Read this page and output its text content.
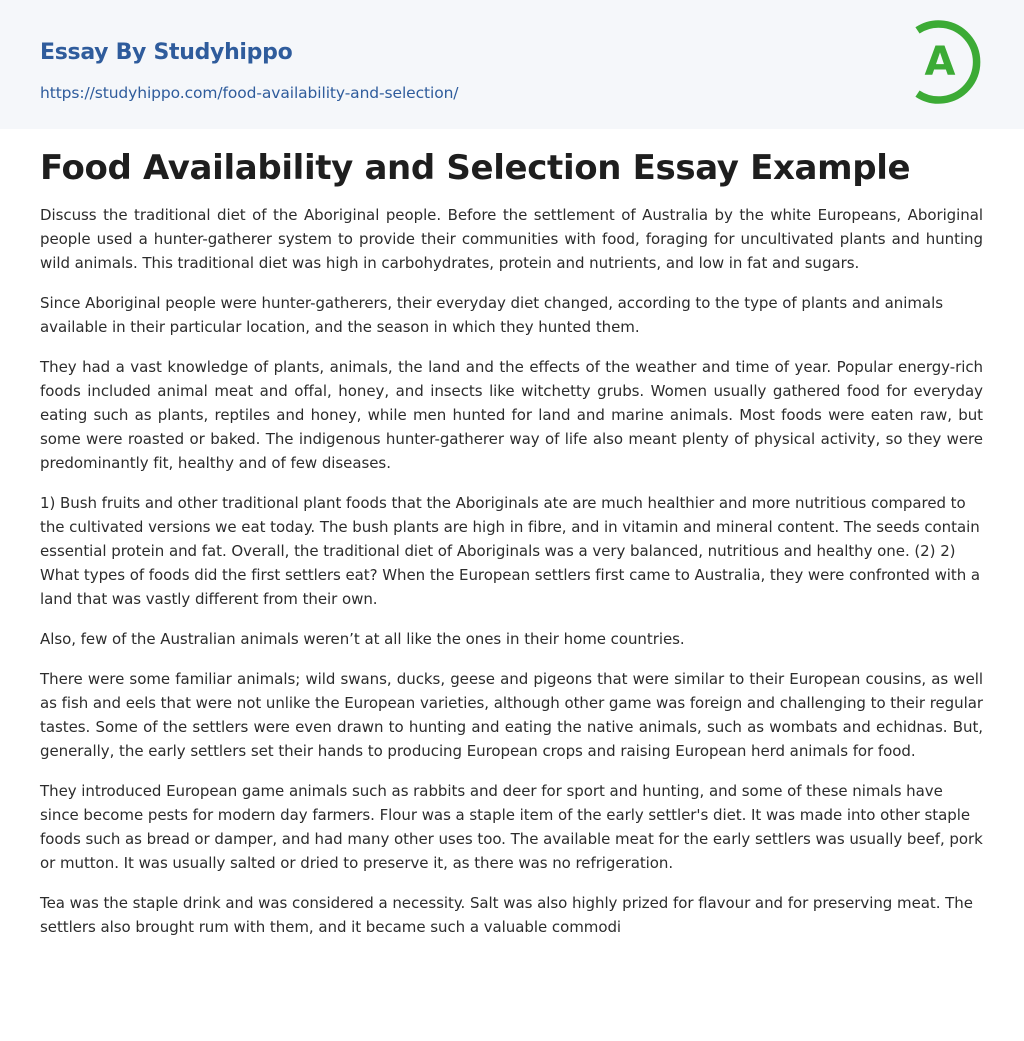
Essay By Studyhippo
https://studyhippo.com/food-availability-and-selection/
A
Food Availability and Selection Essay Example

Discuss the traditional diet of the Aboriginal people. Before the settlement of Australia by the white Europeans, Aboriginal people used a hunter-gatherer system to provide their communities with food, foraging for uncultivated plants and hunting wild animals. This traditional diet was high in carbohydrates, protein and nutrients, and low in fat and sugars.

Since Aboriginal people were hunter-gatherers, their everyday diet changed, according to the type of plants and animals available in their particular location, and the season in which they hunted them.

They had a vast knowledge of plants, animals, the land and the effects of the weather and time of year. Popular energy-rich foods included animal meat and offal, honey, and insects like witchetty grubs. Women usually gathered food for everyday eating such as plants, reptiles and honey, while men hunted for land and marine animals. Most foods were eaten raw, but some were roasted or baked. The indigenous hunter-gatherer way of life also meant plenty of physical activity, so they were predominantly fit, healthy and of few diseases.

1) Bush fruits and other traditional plant foods that the Aboriginals ate are much healthier and more nutritious compared to the cultivated versions we eat today. The bush plants are high in fibre, and in vitamin and mineral content. The seeds contain essential protein and fat. Overall, the traditional diet of Aboriginals was a very balanced, nutritious and healthy one. (2) 2) What types of foods did the first settlers eat? When the European settlers first came to Australia, they were confronted with a land that was vastly different from their own.

Also, few of the Australian animals weren’t at all like the ones in their home countries.

There were some familiar animals; wild swans, ducks, geese and pigeons that were similar to their European cousins, as well as fish and eels that were not unlike the European varieties, although other game was foreign and challenging to their regular tastes. Some of the settlers were even drawn to hunting and eating the native animals, such as wombats and echidnas. But, generally, the early settlers set their hands to producing European crops and raising European herd animals for food.

They introduced European game animals such as rabbits and deer for sport and hunting, and some of these nimals have since become pests for modern day farmers. Flour was a staple item of the early settler's diet. It was made into other staple foods such as bread or damper, and had many other uses too. The available meat for the early settlers was usually beef, pork or mutton. It was usually salted or dried to preserve it, as there was no refrigeration.

Tea was the staple drink and was considered a necessity. Salt was also highly prized for flavour and for preserving meat. The settlers also brought rum with them, and it became such a valuable commodi
